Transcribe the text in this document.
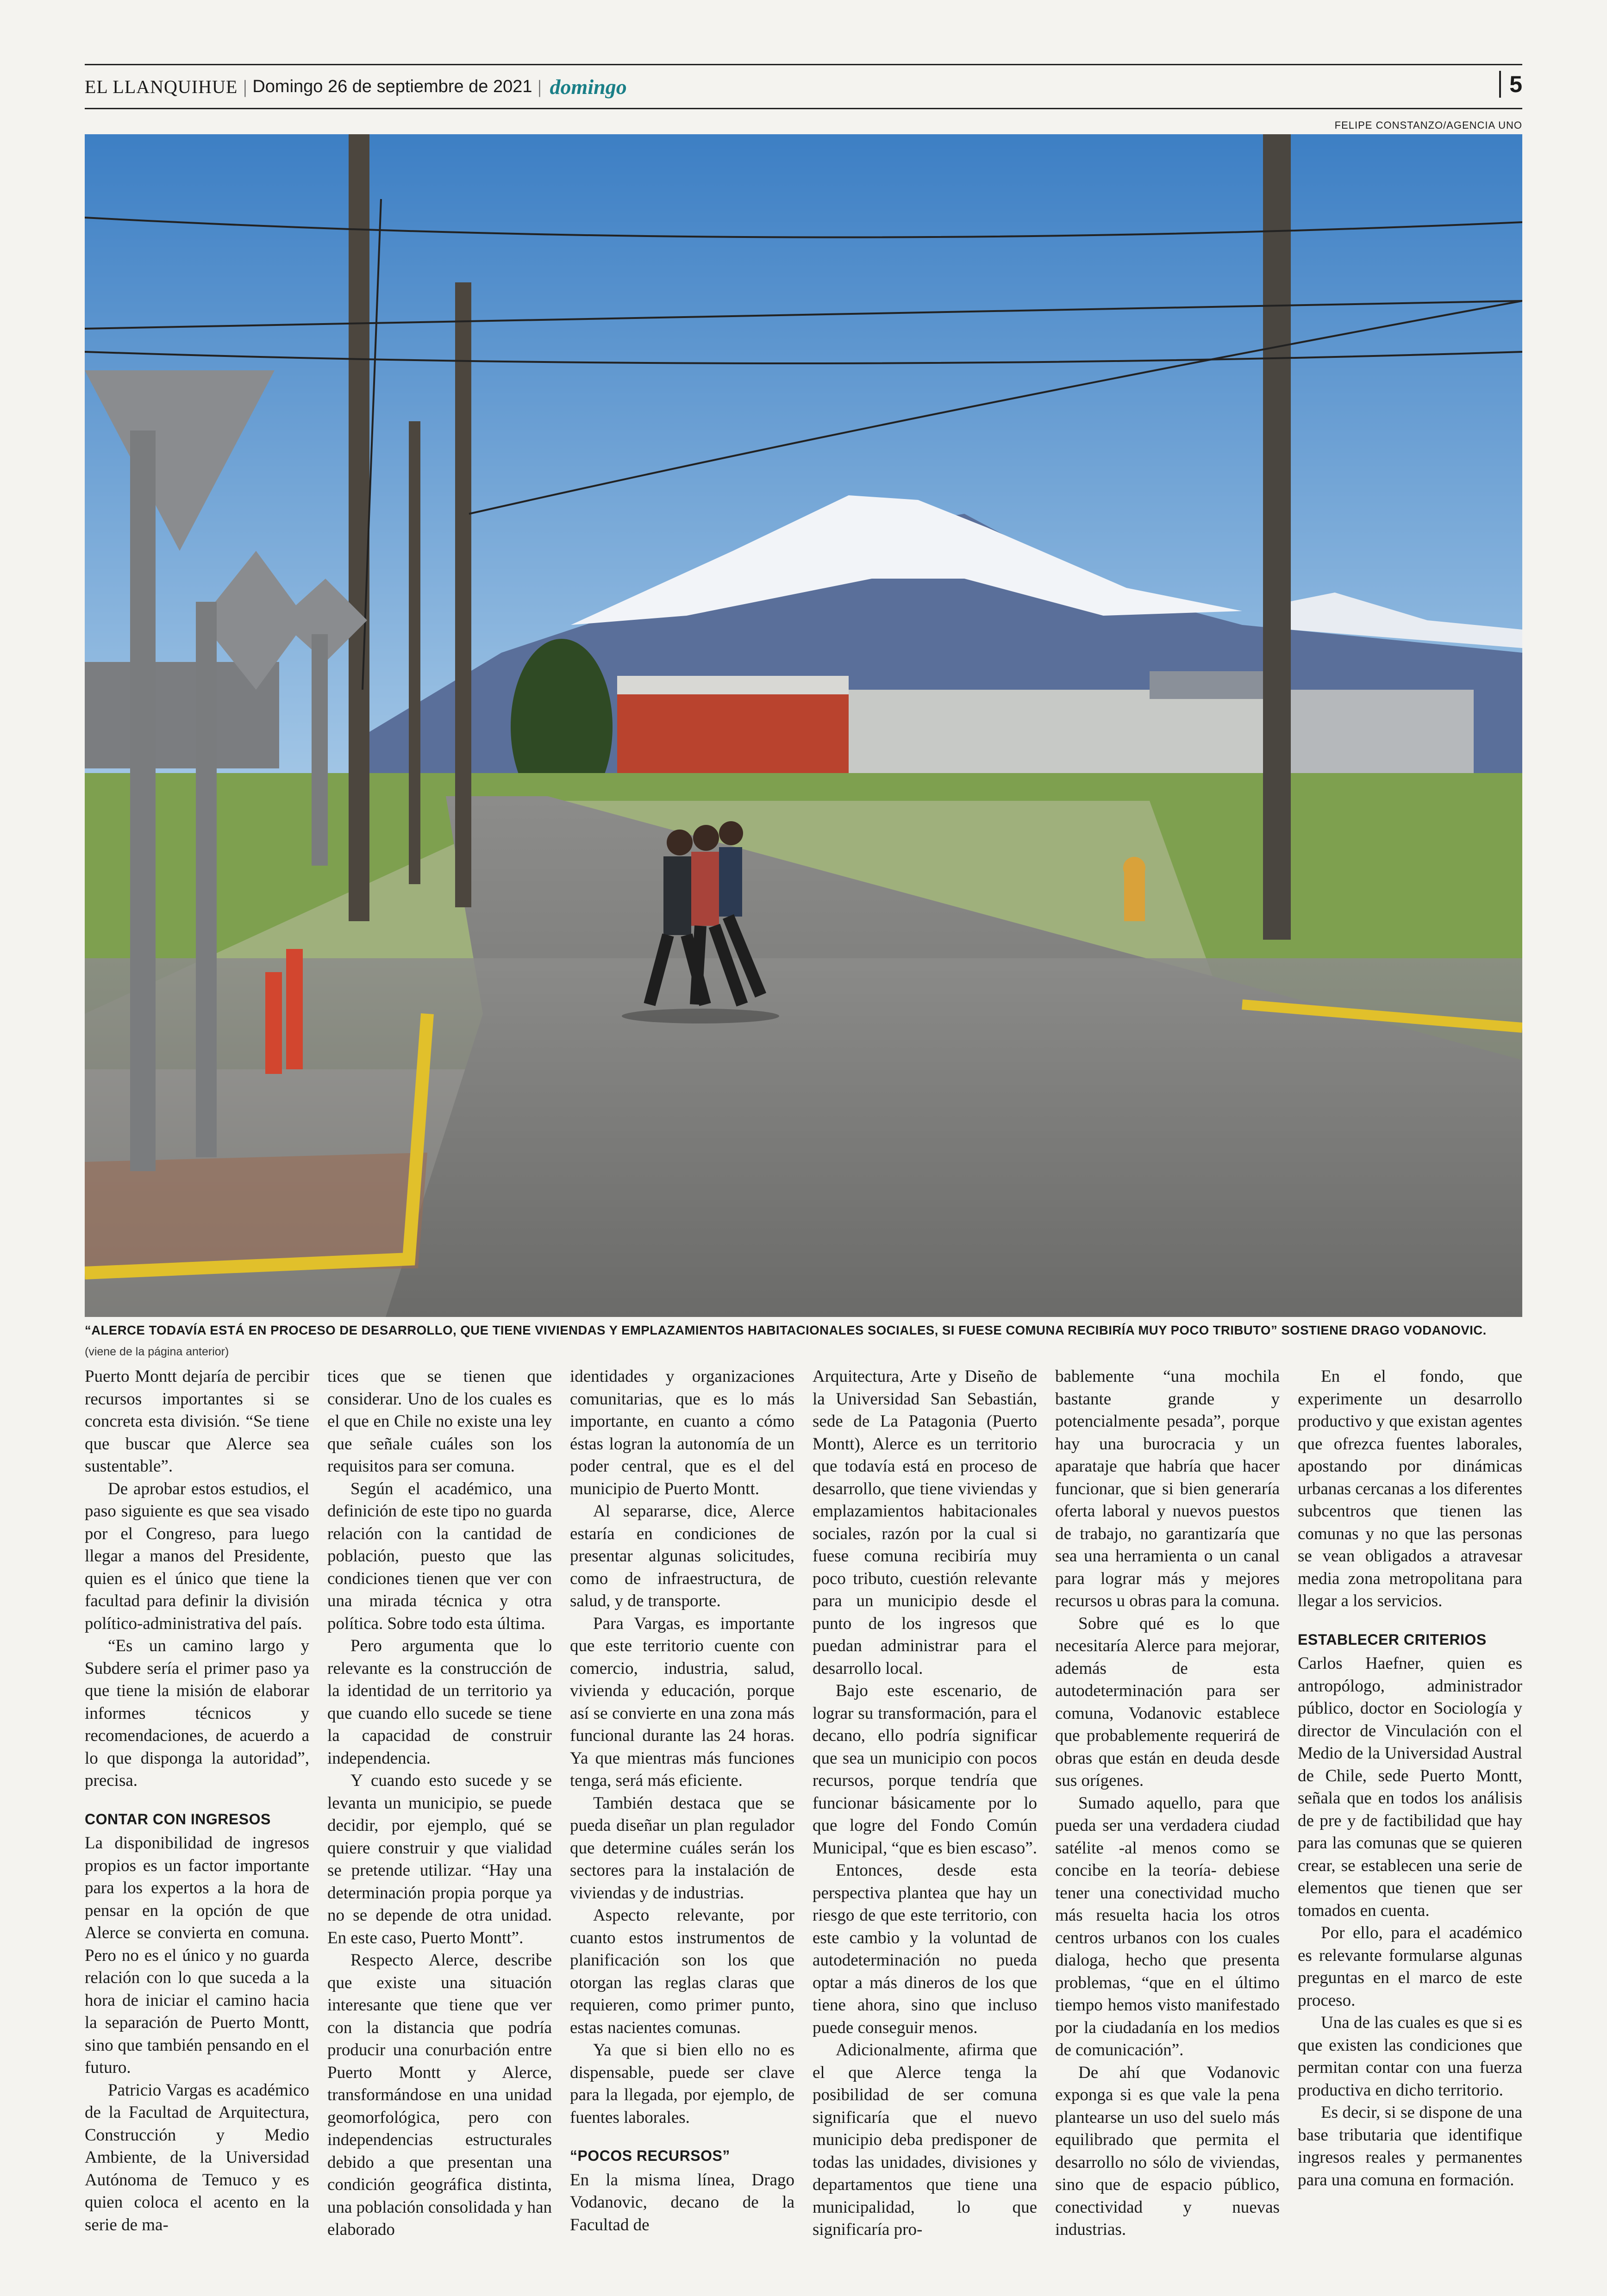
EL LLANQUIHUE | Domingo 26 de septiembre de 2021 | domingo	5
FELIPE CONSTANZO/AGENCIA UNO
“ALERCE TODAVÍA ESTÁ EN PROCESO DE DESARROLLO, QUE TIENE VIVIENDAS Y EMPLAZAMIENTOS HABITACIONALES SOCIALES, SI FUESE COMUNA RECIBIRÍA MUY POCO TRIBUTO” SOSTIENE DRAGO VODANOVIC.
(viene de la página anterior)

Puerto Montt dejaría de percibir recursos importantes si se concreta esta división. “Se tiene que buscar que Alerce sea sustentable”.

De aprobar estos estudios, el paso siguiente es que sea visado por el Congreso, para luego llegar a manos del Presidente, quien es el único que tiene la facultad para definir la división político-administrativa del país.

“Es un camino largo y Subdere sería el primer paso ya que tiene la misión de elaborar informes técnicos y recomendaciones, de acuerdo a lo que disponga la autoridad”, precisa.

CONTAR CON INGRESOS

La disponibilidad de ingresos propios es un factor importante para los expertos a la hora de pensar en la opción de que Alerce se convierta en comuna. Pero no es el único y no guarda relación con lo que suceda a la hora de iniciar el camino hacia la separación de Puerto Montt, sino que también pensando en el futuro.

Patricio Vargas es académico de la Facultad de Arquitectura, Construcción y Medio Ambiente, de la Universidad Autónoma de Temuco y es quien coloca el acento en la serie de ma-

tices que se tienen que considerar. Uno de los cuales es el que en Chile no existe una ley que señale cuáles son los requisitos para ser comuna.

Según el académico, una definición de este tipo no guarda relación con la cantidad de población, puesto que las condiciones tienen que ver con una mirada técnica y otra política. Sobre todo esta última.

Pero argumenta que lo relevante es la construcción de la identidad de un territorio ya que cuando ello sucede se tiene la capacidad de construir independencia.

Y cuando esto sucede y se levanta un municipio, se puede decidir, por ejemplo, qué se quiere construir y que vialidad se pretende utilizar. “Hay una determinación propia porque ya no se depende de otra unidad. En este caso, Puerto Montt”.

Respecto Alerce, describe que existe una situación interesante que tiene que ver con la distancia que podría producir una conurbación entre Puerto Montt y Alerce, transformándose en una unidad geomorfológica, pero con independencias estructurales debido a que presentan una condición geográfica distinta, una población consolidada y han elaborado

identidades y organizaciones comunitarias, que es lo más importante, en cuanto a cómo éstas logran la autonomía de un poder central, que es el del municipio de Puerto Montt.

Al separarse, dice, Alerce estaría en condiciones de presentar algunas solicitudes, como de infraestructura, de salud, y de transporte.

Para Vargas, es importante que este territorio cuente con comercio, industria, salud, vivienda y educación, porque así se convierte en una zona más funcional durante las 24 horas. Ya que mientras más funciones tenga, será más eficiente.

También destaca que se pueda diseñar un plan regulador que determine cuáles serán los sectores para la instalación de viviendas y de industrias.

Aspecto relevante, por cuanto estos instrumentos de planificación son los que otorgan las reglas claras que requieren, como primer punto, estas nacientes comunas.

Ya que si bien ello no es dispensable, puede ser clave para la llegada, por ejemplo, de fuentes laborales.

“POCOS RECURSOS”

En la misma línea, Drago Vodanovic, decano de la Facultad de

Arquitectura, Arte y Diseño de la Universidad San Sebastián, sede de La Patagonia (Puerto Montt), Alerce es un territorio que todavía está en proceso de desarrollo, que tiene viviendas y emplazamientos habitacionales sociales, razón por la cual si fuese comuna recibiría muy poco tributo, cuestión relevante para un municipio desde el punto de los ingresos que puedan administrar para el desarrollo local.

Bajo este escenario, de lograr su transformación, para el decano, ello podría significar que sea un municipio con pocos recursos, porque tendría que funcionar básicamente por lo que logre del Fondo Común Municipal, “que es bien escaso”.

Entonces, desde esta perspectiva plantea que hay un riesgo de que este territorio, con este cambio y la voluntad de autodeterminación no pueda optar a más dineros de los que tiene ahora, sino que incluso puede conseguir menos.

Adicionalmente, afirma que el que Alerce tenga la posibilidad de ser comuna significaría que el nuevo municipio deba predisponer de todas las unidades, divisiones y departamentos que tiene una municipalidad, lo que significaría pro-

bablemente “una mochila bastante grande y potencialmente pesada”, porque hay una burocracia y un aparataje que habría que hacer funcionar, que si bien generaría oferta laboral y nuevos puestos de trabajo, no garantizaría que sea una herramienta o un canal para lograr más y mejores recursos u obras para la comuna.

Sobre qué es lo que necesitaría Alerce para mejorar, además de esta autodeterminación para ser comuna, Vodanovic establece que probablemente requerirá de obras que están en deuda desde sus orígenes.

Sumado aquello, para que pueda ser una verdadera ciudad satélite -al menos como se concibe en la teoría- debiese tener una conectividad mucho más resuelta hacia los otros centros urbanos con los cuales dialoga, hecho que presenta problemas, “que en el último tiempo hemos visto manifestado por la ciudadanía en los medios de comunicación”.

De ahí que Vodanovic exponga si es que vale la pena plantearse un uso del suelo más equilibrado que permita el desarrollo no sólo de viviendas, sino que de espacio público, conectividad y nuevas industrias.

En el fondo, que experimente un desarrollo productivo y que existan agentes que ofrezca fuentes laborales, apostando por dinámicas urbanas cercanas a los diferentes subcentros que tienen las comunas y no que las personas se vean obligados a atravesar media zona metropolitana para llegar a los servicios.

ESTABLECER CRITERIOS

Carlos Haefner, quien es antropólogo, administrador público, doctor en Sociología y director de Vinculación con el Medio de la Universidad Austral de Chile, sede Puerto Montt, señala que en todos los análisis de pre y de factibilidad que hay para las comunas que se quieren crear, se establecen una serie de elementos que tienen que ser tomados en cuenta.

Por ello, para el académico es relevante formularse algunas preguntas en el marco de este proceso.

Una de las cuales es que si es que existen las condiciones que permitan contar con una fuerza productiva en dicho territorio.

Es decir, si se dispone de una base tributaria que identifique ingresos reales y permanentes para una comuna en formación.
